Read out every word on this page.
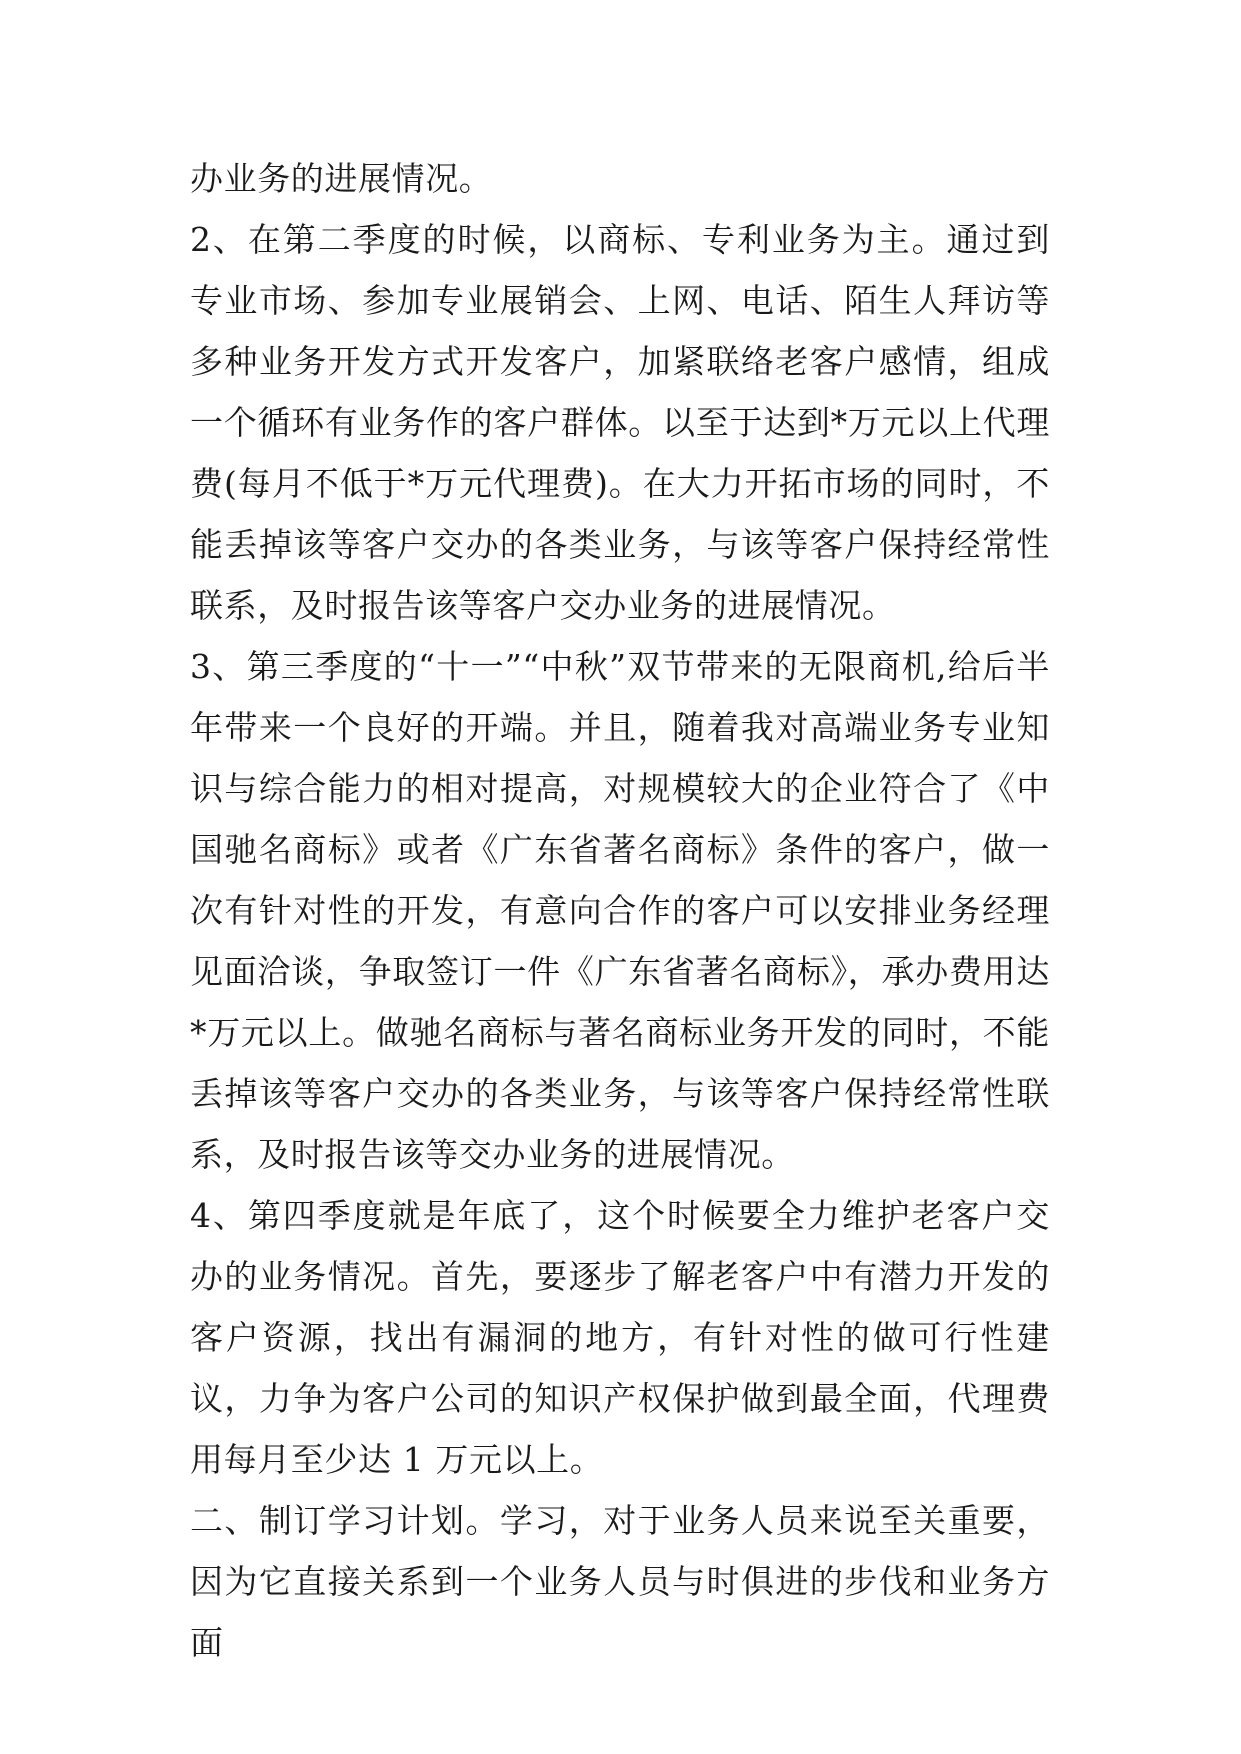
办业务的进展情况。

2、在第二季度的时候，以商标、专利业务为主。通过到专业市场、参加专业展销会、上网、电话、陌生人拜访等多种业务开发方式开发客户，加紧联络老客户感情，组成一个循环有业务作的客户群体。以至于达到*万元以上代理费(每月不低于*万元代理费)。在大力开拓市场的同时，不能丢掉该等客户交办的各类业务，与该等客户保持经常性联系，及时报告该等客户交办业务的进展情况。

3、第三季度的“十一”“中秋”双节带来的无限商机,给后半年带来一个良好的开端。并且，随着我对高端业务专业知识与综合能力的相对提高，对规模较大的企业符合了《中国驰名商标》或者《广东省著名商标》条件的客户，做一次有针对性的开发，有意向合作的客户可以安排业务经理见面洽谈，争取签订一件《广东省著名商标》，承办费用达*万元以上。做驰名商标与著名商标业务开发的同时，不能丢掉该等客户交办的各类业务，与该等客户保持经常性联系，及时报告该等交办业务的进展情况。

4、第四季度就是年底了，这个时候要全力维护老客户交办的业务情况。首先，要逐步了解老客户中有潜力开发的客户资源，找出有漏洞的地方，有针对性的做可行性建议，力争为客户公司的知识产权保护做到最全面，代理费用每月至少达 1 万元以上。

二、制订学习计划。学习，对于业务人员来说至关重要，因为它直接关系到一个业务人员与时俱进的步伐和业务方面
